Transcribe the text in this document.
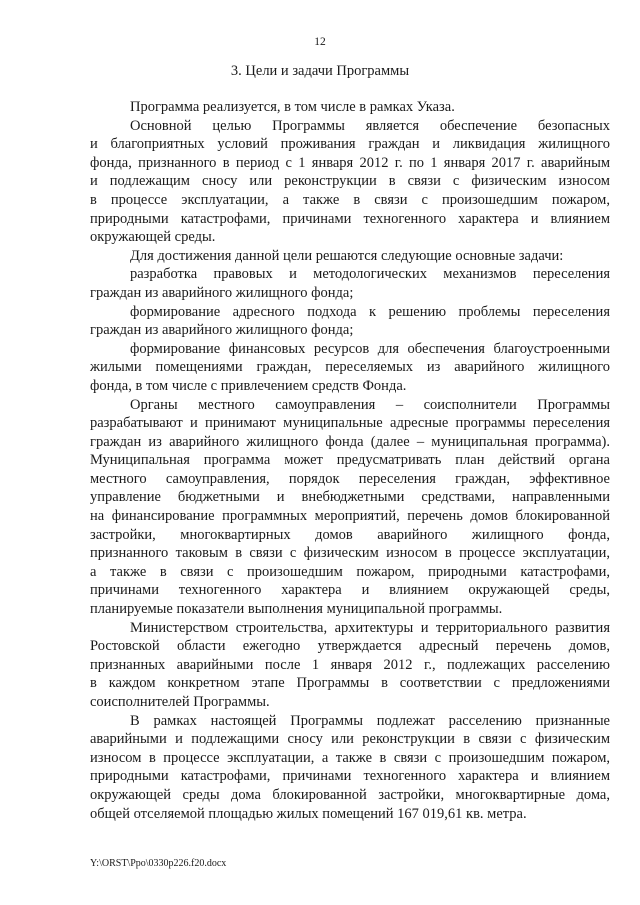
12
3. Цели и задачи Программы
Программа реализуется, в том числе в рамках Указа.
Основной целью Программы является обеспечение безопасных
и благоприятных условий проживания граждан и ликвидация жилищного
фонда, признанного в период с 1 января 2012 г. по 1 января 2017 г. аварийным
и подлежащим сносу или реконструкции в связи с физическим износом
в процессе эксплуатации, а также в связи с произошедшим пожаром,
природными катастрофами, причинами техногенного характера и влиянием
окружающей среды.
Для достижения данной цели решаются следующие основные задачи:
разработка правовых и методологических механизмов переселения
граждан из аварийного жилищного фонда;
формирование адресного подхода к решению проблемы переселения
граждан из аварийного жилищного фонда;
формирование финансовых ресурсов для обеспечения благоустроенными
жилыми помещениями граждан, переселяемых из аварийного жилищного
фонда, в том числе с привлечением средств Фонда.
Органы местного самоуправления – соисполнители Программы
разрабатывают и принимают муниципальные адресные программы переселения
граждан из аварийного жилищного фонда (далее – муниципальная программа).
Муниципальная программа может предусматривать план действий органа
местного самоуправления, порядок переселения граждан, эффективное
управление бюджетными и внебюджетными средствами, направленными
на финансирование программных мероприятий, перечень домов блокированной
застройки, многоквартирных домов аварийного жилищного фонда,
признанного таковым в связи с физическим износом в процессе эксплуатации,
а также в связи с произошедшим пожаром, природными катастрофами,
причинами техногенного характера и влиянием окружающей среды,
планируемые показатели выполнения муниципальной программы.
Министерством строительства, архитектуры и территориального развития
Ростовской области ежегодно утверждается адресный перечень домов,
признанных аварийными после 1 января 2012 г., подлежащих расселению
в каждом конкретном этапе Программы в соответствии с предложениями
соисполнителей Программы.
В рамках настоящей Программы подлежат расселению признанные
аварийными и подлежащими сносу или реконструкции в связи с физическим
износом в процессе эксплуатации, а также в связи с произошедшим пожаром,
природными катастрофами, причинами техногенного характера и влиянием
окружающей среды дома блокированной застройки, многоквартирные дома,
общей отселяемой площадью жилых помещений 167 019,61 кв. метра.
Y:\ORST\Ppo\0330p226.f20.docx
